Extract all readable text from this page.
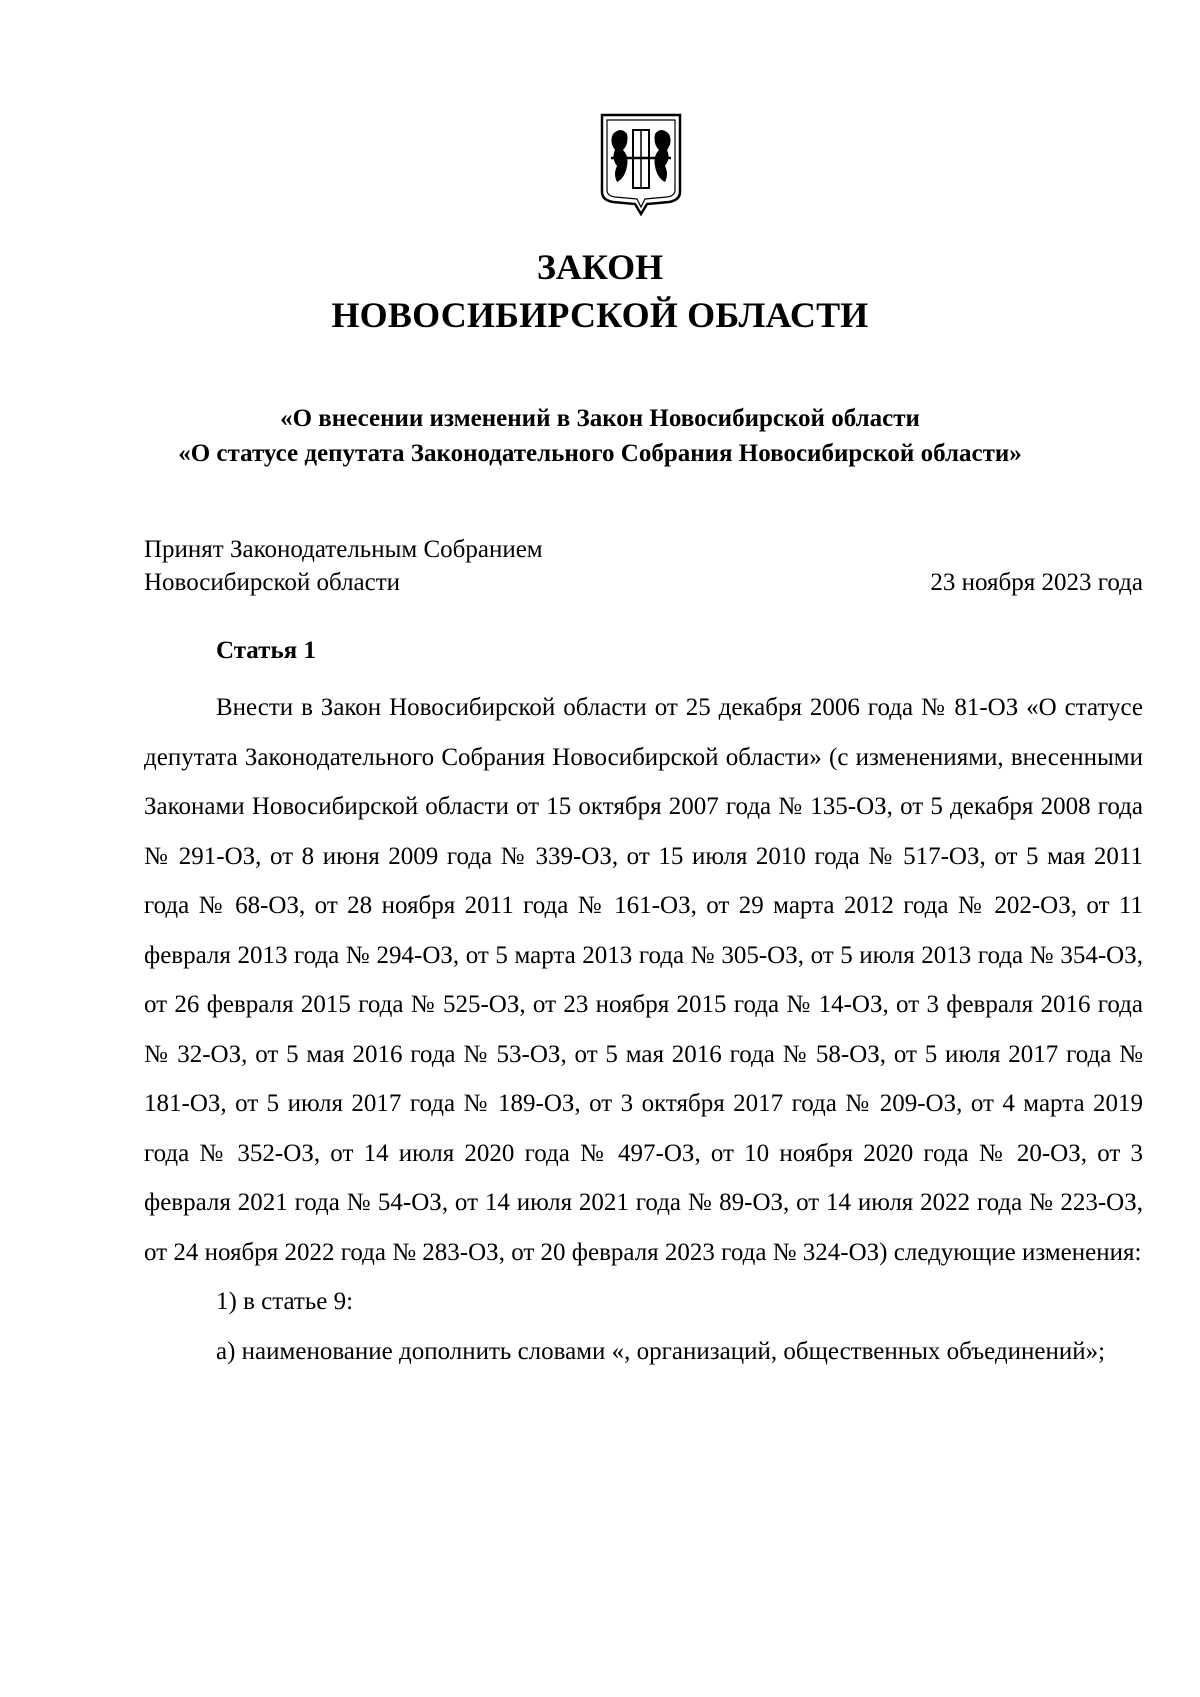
ЗАКОН
НОВОСИБИРСКОЙ ОБЛАСТИ
«О внесении изменений в Закон Новосибирской области
«О статусе депутата Законодательного Собрания Новосибирской области»
Принят Законодательным Собранием
Новосибирской области	23 ноября 2023 года
Статья 1

Внести в Закон Новосибирской области от 25 декабря 2006 года № 81-ОЗ «О статусе депутата Законодательного Собрания Новосибирской области» (с изменениями, внесенными Законами Новосибирской области от 15 октября 2007 года № 135-ОЗ, от 5 декабря 2008 года № 291-ОЗ, от 8 июня 2009 года № 339-ОЗ, от 15 июля 2010 года № 517-ОЗ, от 5 мая 2011 года № 68-ОЗ, от 28 ноября 2011 года № 161-ОЗ, от 29 марта 2012 года № 202-ОЗ, от 11 февраля 2013 года № 294-ОЗ, от 5 марта 2013 года № 305-ОЗ, от 5 июля 2013 года № 354-ОЗ, от 26 февраля 2015 года № 525-ОЗ, от 23 ноября 2015 года № 14-ОЗ, от 3 февраля 2016 года № 32-ОЗ, от 5 мая 2016 года № 53-ОЗ, от 5 мая 2016 года № 58-ОЗ, от 5 июля 2017 года № 181-ОЗ, от 5 июля 2017 года № 189-ОЗ, от 3 октября 2017 года № 209-ОЗ, от 4 марта 2019 года № 352-ОЗ, от 14 июля 2020 года № 497-ОЗ, от 10 ноября 2020 года № 20-ОЗ, от 3 февраля 2021 года № 54-ОЗ, от 14 июля 2021 года № 89-ОЗ, от 14 июля 2022 года № 223-ОЗ, от 24 ноября 2022 года № 283-ОЗ, от 20 февраля 2023 года № 324-ОЗ) следующие изменения:

1) в статье 9:

а) наименование дополнить словами «, организаций, общественных объединений»;
